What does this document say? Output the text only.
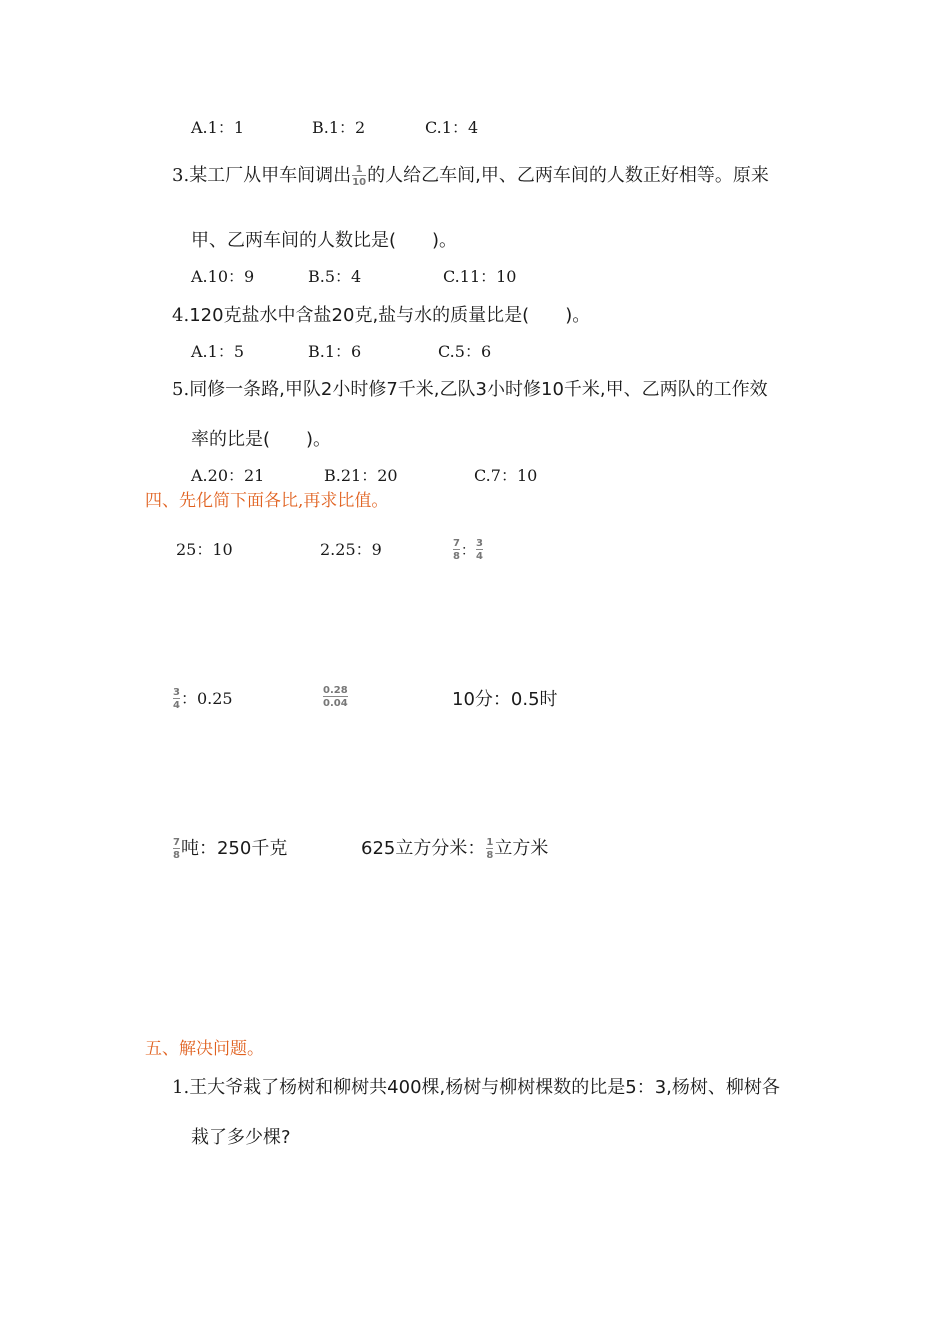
A.1：1	B.1：2	C.1：4
3.某工厂从甲车间调出 $\frac{1}{10}$ 的人给乙车间,甲、乙两车间的人数正好相等。原来
甲、乙两车间的人数比是(　　)。
A.10：9	B.5：4	C.11：10
4.120克盐水中含盐20克,盐与水的质量比是(　　)。
A.1：5	B.1：6	C.5：6
5.同修一条路,甲队2小时修7千米,乙队3小时修10千米,甲、乙两队的工作效
率的比是(　　)。
A.20：21	B.21：20	C.7：10
四、先化简下面各比,再求比值。
25：10	2.25：9	$\frac{7}{8}$ ： $\frac{3}{4}$
$\frac{3}{4}$ ：0.25	$\frac{0.28}{0.04}$	10分：0.5时
$\frac{7}{8}$ 吨：250千克	625立方分米： $\frac{1}{8}$ 立方米
五、解决问题。
1.王大爷栽了杨树和柳树共400棵,杨树与柳树棵数的比是5：3,杨树、柳树各
栽了多少棵?
